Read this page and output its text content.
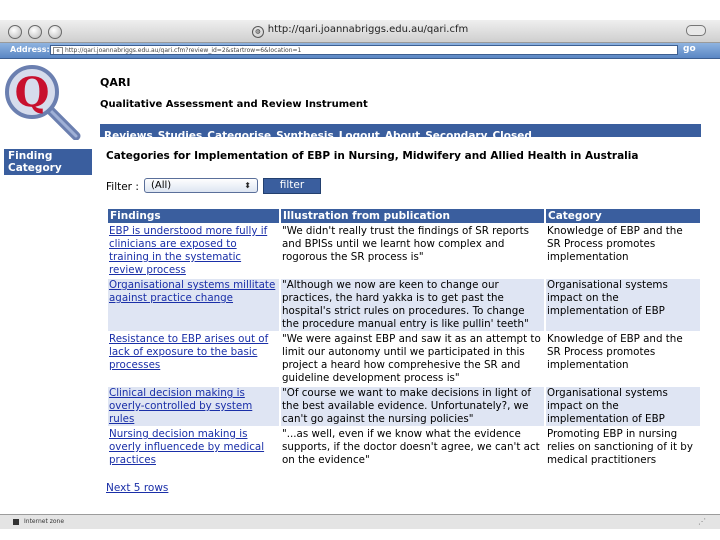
◍ http://qari.joannabriggs.edu.au/qari.cfm
Address:	e http://qari.joannabriggs.edu.au/qari.cfm?review_id=2&startrow=6&location=1	go
Q	QARI
Qualitative Assessment and Review Instrument
Reviews Studies Categorise Synthesis Logout About Secondary Closed
Finding
Category
Categories for Implementation of EBP in Nursing, Midwifery and Allied Health in Australia
Filter :	(All)	⬍	filter
Findings	Illustration from publication	Category
EBP is understood more fully if clinicians are exposed to training in the systematic review process	"We didn't really trust the findings of SR reports and BPISs until we learnt how complex and rogorous the SR process is"	Knowledge of EBP and the SR Process promotes implementation
Organisational systems millitate against practice change	"Although we now are keen to change our practices, the hard yakka is to get past the hospital's strict rules on procedures. To change the procedure manual entry is like pullin' teeth"	Organisational systems impact on the implementation of EBP
Resistance to EBP arises out of lack of exposure to the basic processes	"We were against EBP and saw it as an attempt to limit our autonomy until we participated in this project a heard how comprehesive the SR and guideline development process is"	Knowledge of EBP and the SR Process promotes implementation
Clinical decision making is overly-controlled by system rules	"Of course we want to make decisions in light of the best available evidence. Unfortunately?, we can't go against the nursing policies"	Organisational systems impact on the implementation of EBP
Nursing decision making is overly influencede by medical practices	"...as well, even if we know what the evidence supports, if the doctor doesn't agree, we can't act on the evidence"	Promoting EBP in nursing relies on sanctioning of it by medical practitioners
Next 5 rows
Internet zone	⋰
